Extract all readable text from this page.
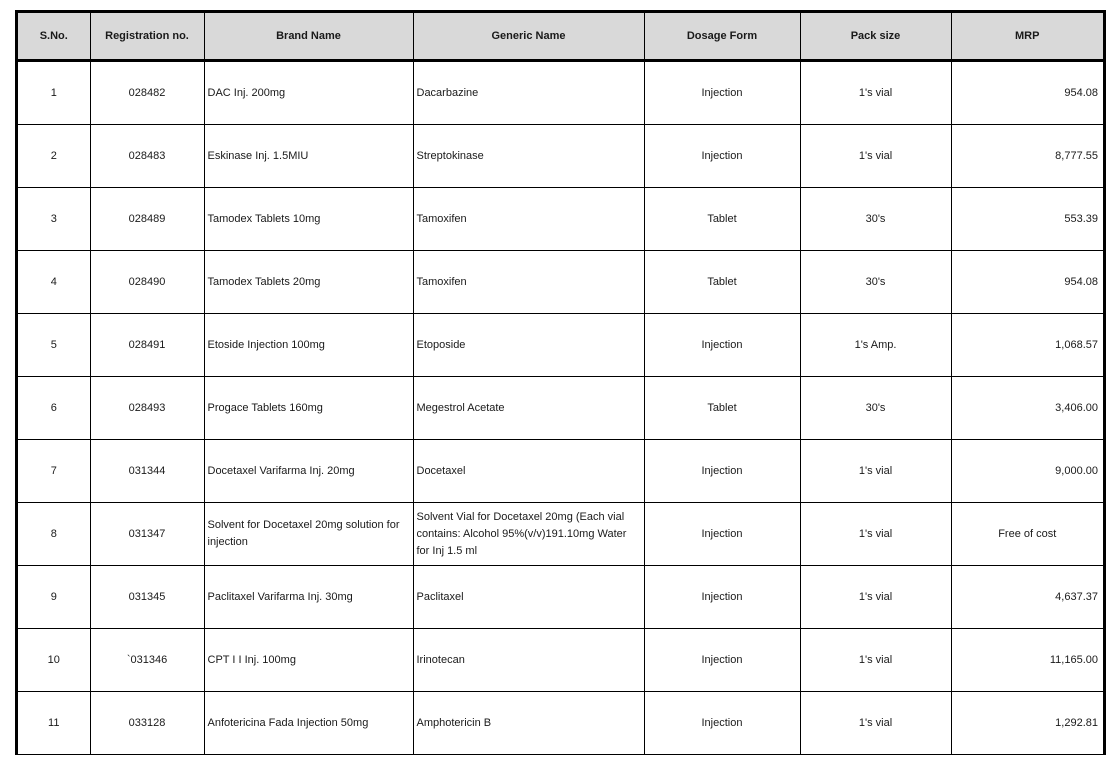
S.No.	Registration no.	Brand Name	Generic Name	Dosage Form	Pack size	MRP
1	028482	DAC Inj. 200mg	Dacarbazine	Injection	1's vial	954.08
2	028483	Eskinase Inj. 1.5MIU	Streptokinase	Injection	1's vial	8,777.55
3	028489	Tamodex Tablets 10mg	Tamoxifen	Tablet	30's	553.39
4	028490	Tamodex Tablets 20mg	Tamoxifen	Tablet	30's	954.08
5	028491	Etoside Injection 100mg	Etoposide	Injection	1's Amp.	1,068.57
6	028493	Progace Tablets 160mg	Megestrol Acetate	Tablet	30's	3,406.00
7	031344	Docetaxel Varifarma Inj. 20mg	Docetaxel	Injection	1's vial	9,000.00
8	031347	Solvent for Docetaxel 20mg solution for injection	Solvent Vial for Docetaxel 20mg (Each vial contains: Alcohol 95%(v/v)191.10mg Water for Inj 1.5 ml	Injection	1's vial	Free of cost
9	031345	Paclitaxel Varifarma Inj. 30mg	Paclitaxel	Injection	1's vial	4,637.37
10	`031346	CPT I I Inj. 100mg	Irinotecan	Injection	1's vial	11,165.00
11	033128	Anfotericina Fada Injection 50mg	Amphotericin B	Injection	1's vial	1,292.81
